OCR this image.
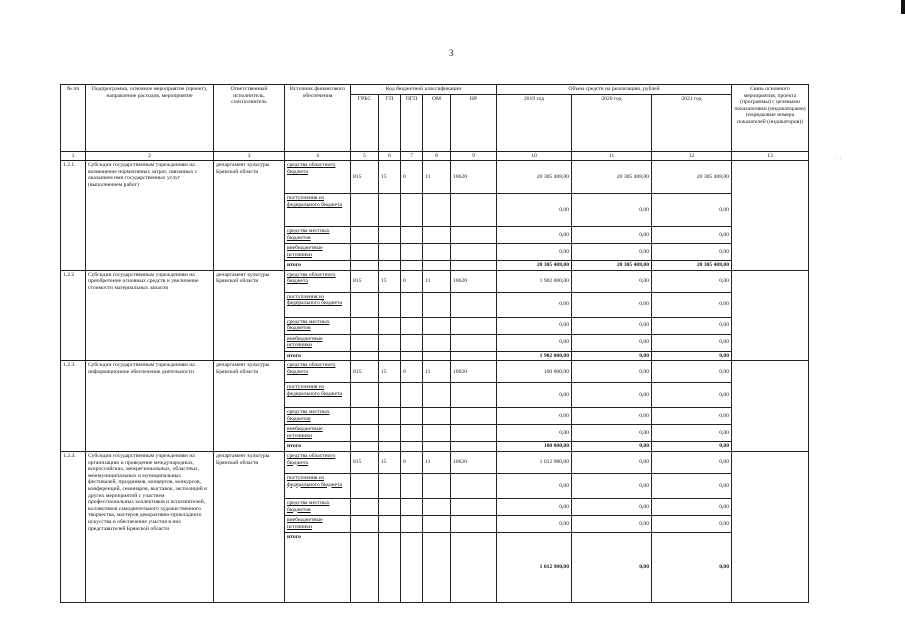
3
· ·
№ пп	Подпрограмма, основное мероприятие (проект), направление расходов, мероприятие	Ответственный исполнитель, соисполнитель	Источник финансового обеспечения	Код бюджетной классификации					Объем средств на реализацию, рублей			Связь основного мероприятия, проекта (программы) с целевыми показателями (индикаторами) (порядковые номера показателей (индикаторов))
				ГРБС	ГП	ПГП	ОМ	НР	2019 год	2020 год	2021 год	
1	2	3	4	5	6	7	8	9	10	11	12	13
1.2.1.	Субсидии государственным учреждениям на возмещение нормативных затрат, связанных с оказанием ими государственных услуг (выполнением работ)	департамент культуры Брянской области	средства областного бюджета	815	15	0	11	10620	20 305 488,00	20 305 488,00	20 305 488,00	
			поступления из федерального бюджета						0,00	0,00	0,00	
			средства местных бюджетов						0,00	0,00	0,00	
			внебюджетные источники						0,00	0,00	0,00	
			итого						20 305 488,00	20 305 488,00	20 305 488,00	
1.2.2	Субсидии государственным учреждениям на приобретение основных средств и увеличение стоимости материальных запасов	департамент культуры Брянской области	средства областного бюджета	815	15	0	11	10620	1 902 000,00	0,00	0,00	
			поступления из федерального бюджета						0,00	0,00	0,00	
			средства местных бюджетов						0,00	0,00	0,00	
			внебюджетные источники						0,00	0,00	0,00	
			итого						1 902 000,00	0,00	0,00	
1.2.3.	Субсидии государственным учреждениям на информационное обеспечение деятельности	департамент культуры Брянской области	средства областного бюджета	815	15	0	11	10620	100 000,00	0,00	0,00	
			поступления из федерального бюджета						0,00	0,00	0,00	
			средства местных бюджетов						0,00	0,00	0,00	
			внебюджетные источники						0,00	0,00	0,00	
			итого						100 000,00	0,00	0,00	
1.2.4.	Субсидии государственным учреждениям на организацию и проведение международных, всероссийских, межрегиональных, областных, межмуниципальных и муниципальных фестивалей, праздников, концертов, конкурсов, конференций, семинаров, выставок, экспозиций и других мероприятий с участием профессиональных коллективов и исполнителей, коллективов самодеятельного художественного творчества, мастеров декоративно-прикладного искусства и обеспечение участия в них представителей Брянской области	департамент культуры Брянской области	средства областного бюджета	815	15	0	11	10620	1 012 980,00	0,00	0,00	
			поступления из федерального бюджета						0,00	0,00	0,00	
			средства местных бюджетов						0,00	0,00	0,00	
			внебюджетные источники						0,00	0,00	0,00	
			итого						1 012 980,00	0,00	0,00	
